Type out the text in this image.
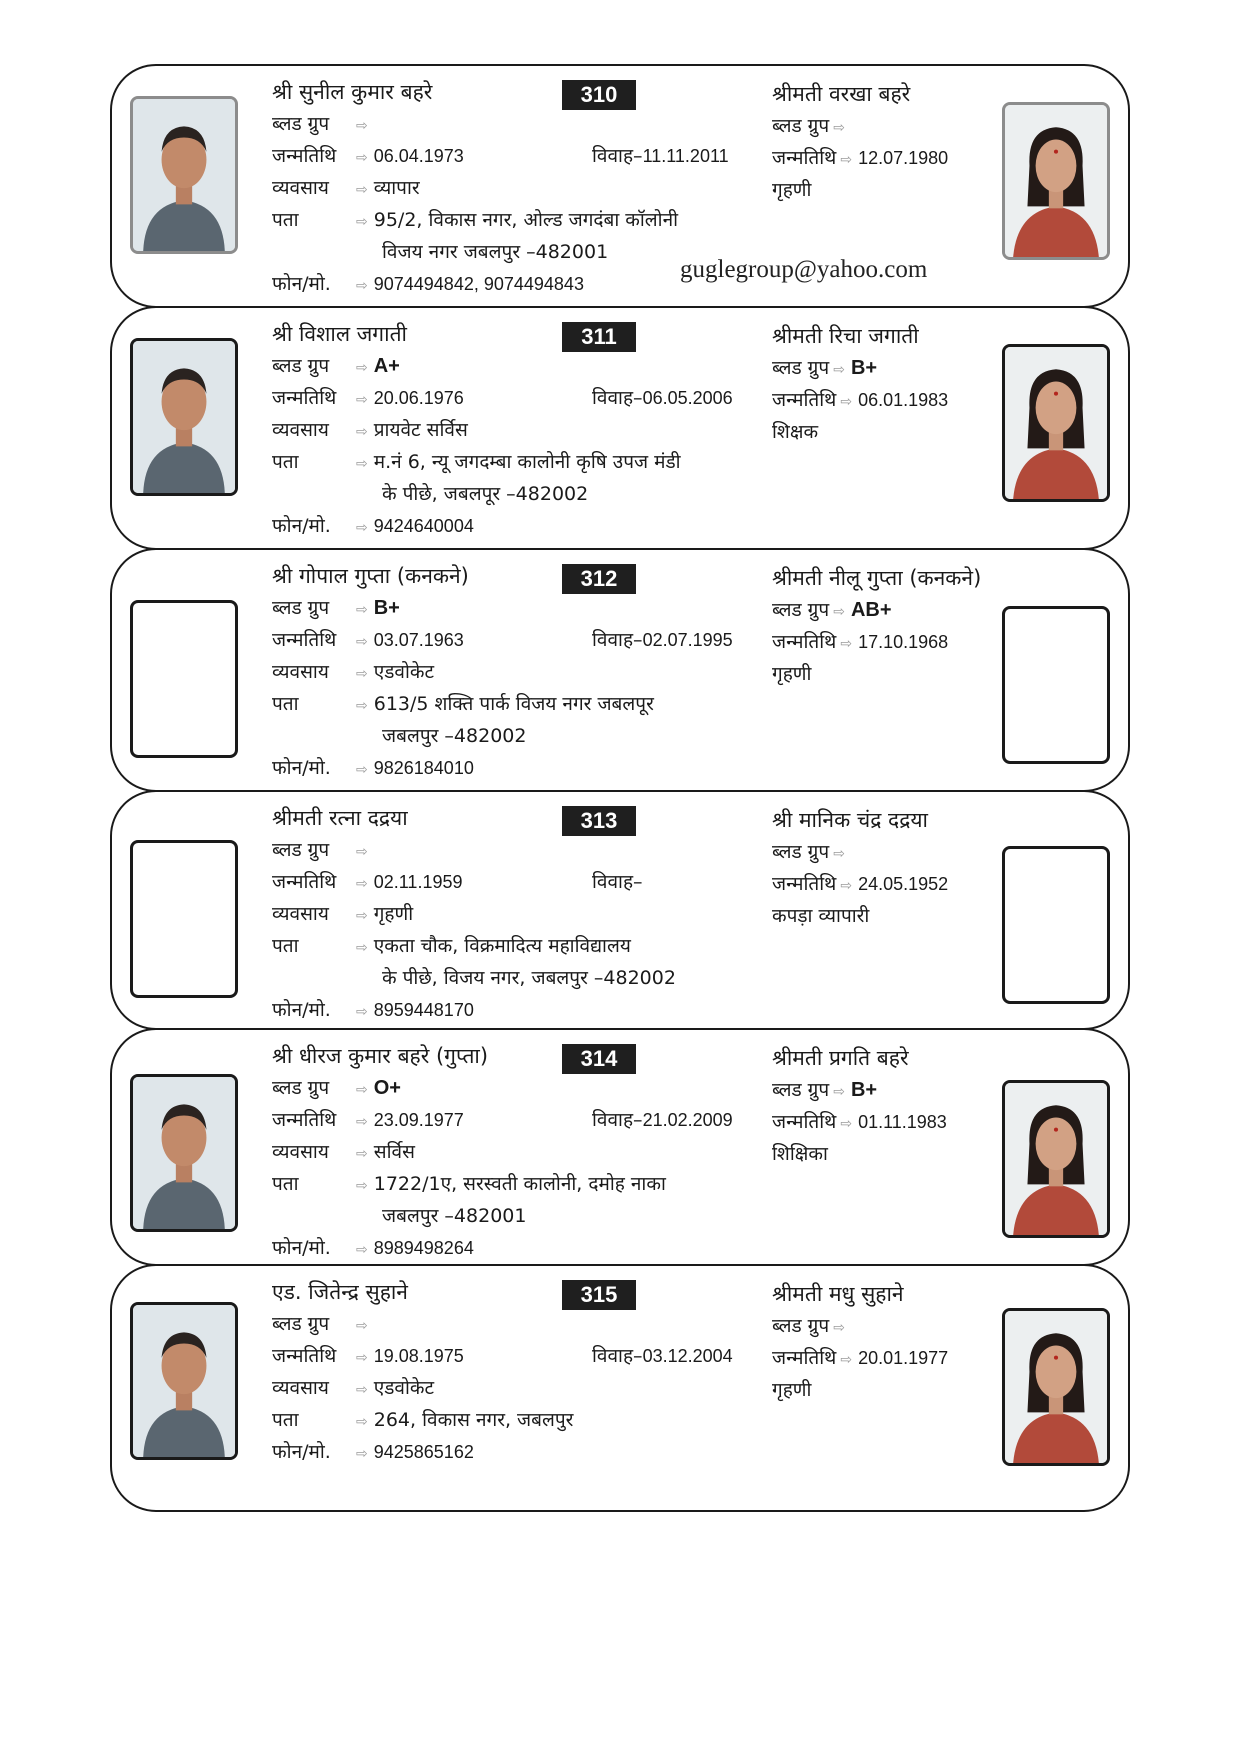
श्री सुनील कुमार बहरे
ब्लड ग्रुप	⇨
जन्मतिथि	⇨ 06.04.1973	विवाह–11.11.2011
व्यवसाय	⇨ व्यापार
पता	⇨ 95/2, विकास नगर, ओल्ड जगदंबा कॉलोनी
विजय नगर जबलपुर –482001
फोन/मो.	⇨ 9074494842, 9074494843
310	श्रीमती वरखा बहरे
ब्लड ग्रुप ⇨
जन्मतिथि ⇨ 12.07.1980
गृहणी
guglegroup@yahoo.com
श्री विशाल जगाती
ब्लड ग्रुप	⇨ A+
जन्मतिथि	⇨ 20.06.1976	विवाह–06.05.2006
व्यवसाय	⇨ प्रायवेट सर्विस
पता	⇨ म.नं 6, न्यू जगदम्बा कालोनी कृषि उपज मंडी
के पीछे, जबलपूर –482002
फोन/मो.	⇨ 9424640004
311	श्रीमती रिचा जगाती
ब्लड ग्रुप ⇨ B+
जन्मतिथि ⇨ 06.01.1983
शिक्षक
श्री गोपाल गुप्ता (कनकने)
ब्लड ग्रुप	⇨ B+
जन्मतिथि	⇨ 03.07.1963	विवाह–02.07.1995
व्यवसाय	⇨ एडवोकेट
पता	⇨ 613/5 शक्ति पार्क विजय नगर जबलपूर
जबलपुर –482002
फोन/मो.	⇨ 9826184010
312	श्रीमती नीलू गुप्ता (कनकने)
ब्लड ग्रुप ⇨ AB+
जन्मतिथि ⇨ 17.10.1968
गृहणी
श्रीमती रत्ना दद्रया
ब्लड ग्रुप	⇨
जन्मतिथि	⇨ 02.11.1959	विवाह–
व्यवसाय	⇨ गृहणी
पता	⇨ एकता चौक, विक्रमादित्य महाविद्यालय
के पीछे, विजय नगर, जबलपुर –482002
फोन/मो.	⇨ 8959448170
313	श्री मानिक चंद्र दद्रया
ब्लड ग्रुप ⇨
जन्मतिथि ⇨ 24.05.1952
कपड़ा व्यापारी
श्री धीरज कुमार बहरे (गुप्ता)
ब्लड ग्रुप	⇨ O+
जन्मतिथि	⇨ 23.09.1977	विवाह–21.02.2009
व्यवसाय	⇨ सर्विस
पता	⇨ 1722/1ए, सरस्वती कालोनी, दमोह नाका
जबलपुर –482001
फोन/मो.	⇨ 8989498264
314	श्रीमती प्रगति बहरे
ब्लड ग्रुप ⇨ B+
जन्मतिथि ⇨ 01.11.1983
शिक्षिका
एड. जितेन्द्र सुहाने
ब्लड ग्रुप	⇨
जन्मतिथि	⇨ 19.08.1975	विवाह–03.12.2004
व्यवसाय	⇨ एडवोकेट
पता	⇨ 264, विकास नगर, जबलपुर
फोन/मो.	⇨ 9425865162
315	श्रीमती मधु सुहाने
ब्लड ग्रुप ⇨
जन्मतिथि ⇨ 20.01.1977
गृहणी
